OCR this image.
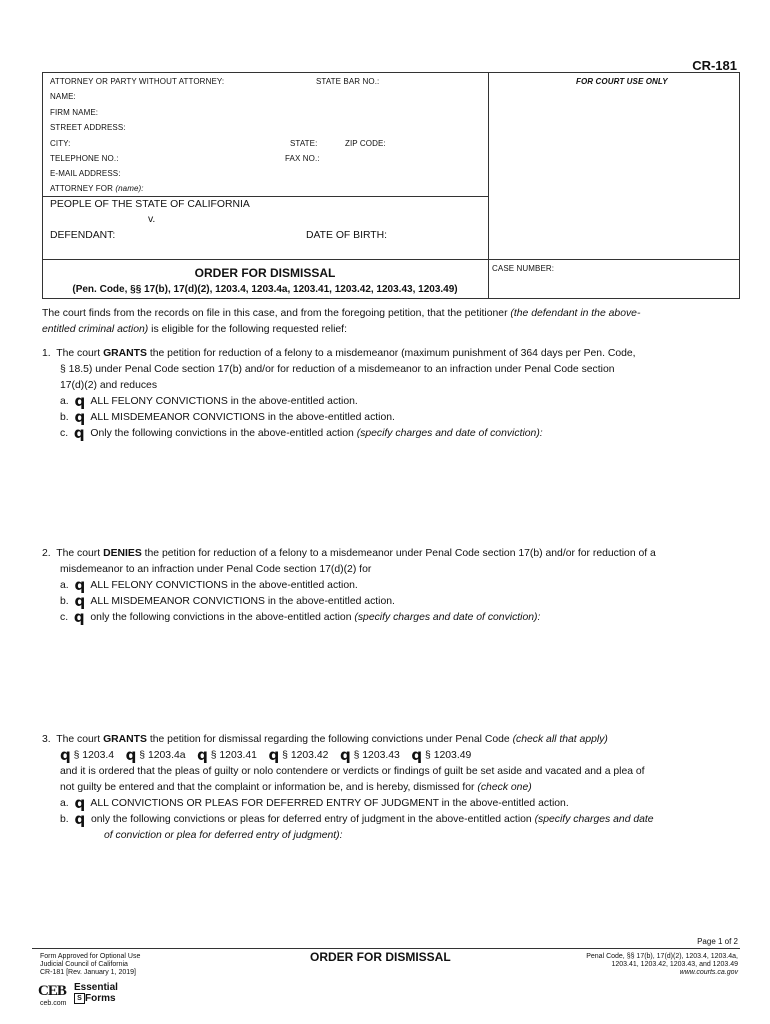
CR-181
ATTORNEY OR PARTY WITHOUT ATTORNEY:	STATE BAR NO.:	FOR COURT USE ONLY
NAME:
FIRM NAME:
STREET ADDRESS:
CITY:	STATE:	ZIP CODE:
TELEPHONE NO.:	FAX NO.:
E-MAIL ADDRESS:
ATTORNEY FOR (name):
PEOPLE OF THE STATE OF CALIFORNIA
v.
DEFENDANT:	DATE OF BIRTH:
CASE NUMBER:
ORDER FOR DISMISSAL
(Pen. Code, §§ 17(b), 17(d)(2), 1203.4, 1203.4a, 1203.41, 1203.42, 1203.43, 1203.49)
The court finds from the records on file in this case, and from the foregoing petition, that the petitioner (the defendant in the above-
entitled criminal action) is eligible for the following requested relief:
1. The court GRANTS the petition for reduction of a felony to a misdemeanor (maximum punishment of 364 days per Pen. Code,
§ 18.5) under Penal Code section 17(b) and/or for reduction of a misdemeanor to an infraction under Penal Code section
17(d)(2) and reduces
a. q ALL FELONY CONVICTIONS in the above-entitled action.
b. q ALL MISDEMEANOR CONVICTIONS in the above-entitled action.
c. q Only the following convictions in the above-entitled action (specify charges and date of conviction):
2. The court DENIES the petition for reduction of a felony to a misdemeanor under Penal Code section 17(b) and/or for reduction of a
misdemeanor to an infraction under Penal Code section 17(d)(2) for
a. q ALL FELONY CONVICTIONS in the above-entitled action.
b. q ALL MISDEMEANOR CONVICTIONS in the above-entitled action.
c. q only the following convictions in the above-entitled action (specify charges and date of conviction):
3. The court GRANTS the petition for dismissal regarding the following convictions under Penal Code (check all that apply)
q § 1203.4 q § 1203.4a q § 1203.41 q § 1203.42 q § 1203.43 q § 1203.49
and it is ordered that the pleas of guilty or nolo contendere or verdicts or findings of guilt be set aside and vacated and a plea of
not guilty be entered and that the complaint or information be, and is hereby, dismissed for (check one)
a. q ALL CONVICTIONS OR PLEAS FOR DEFERRED ENTRY OF JUDGMENT in the above-entitled action.
b. q only the following convictions or pleas for deferred entry of judgment in the above-entitled action (specify charges and date
of conviction or plea for deferred entry of judgment):
Page 1 of 2
Form Approved for Optional Use
Judicial Council of California
CR-181 [Rev. January 1, 2019]
ORDER FOR DISMISSAL	Penal Code, §§ 17(b), 17(d)(2), 1203.4, 1203.4a,
1203.41, 1203.42, 1203.43, and 1203.49
www.courts.ca.gov
CEB
ceb.com
Essential
S Forms
